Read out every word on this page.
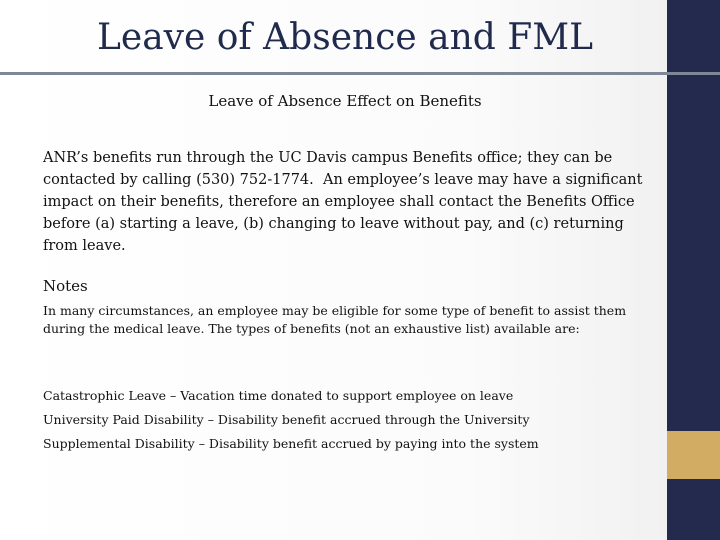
Leave of Absence and FML
Leave of Absence Effect on Benefits

ANR’s benefits run through the UC Davis campus Benefits office; they can be contacted by calling (530) 752-1774.  An employee’s leave may have a significant impact on their benefits, therefore an employee shall contact the Benefits Office before (a) starting a leave, (b) changing to leave without pay, and (c) returning from leave.

Notes

In many circumstances, an employee may be eligible for some type of benefit to assist them during the medical leave. The types of benefits (not an exhaustive list) available are:

Catastrophic Leave – Vacation time donated to support employee on leave
University Paid Disability – Disability benefit accrued through the University
Supplemental Disability – Disability benefit accrued by paying into the system
